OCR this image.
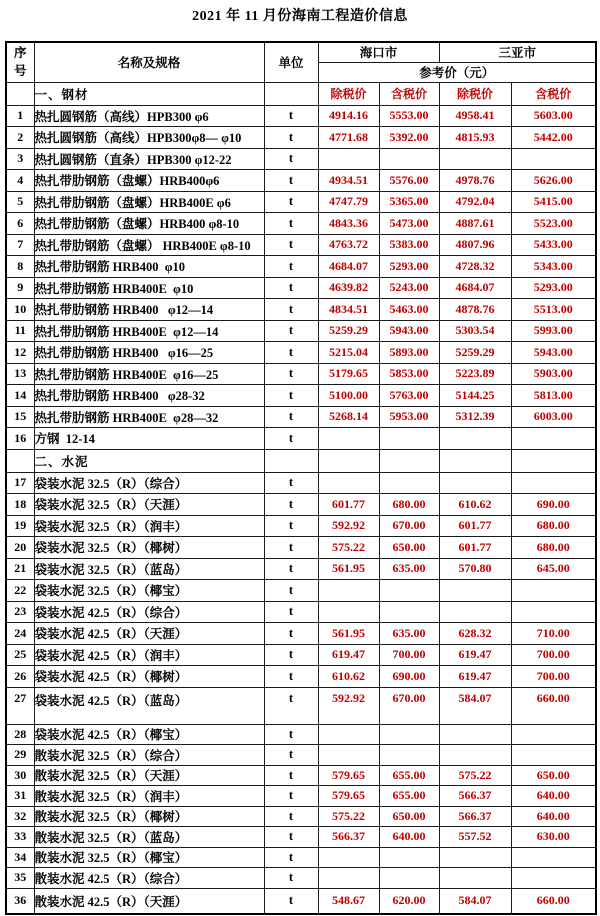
2021 年 11 月份海南工程造价信息
序
号	名称及规格	单位	海口市		三亚市	
			参考价（元）			
	一、钢材		除税价	含税价	除税价	含税价
1	热扎圆钢筋（高线）HPB300 φ6	t	4914.16	5553.00	4958.41	5603.00
2	热扎圆钢筋（高线）HPB300φ8— φ10	t	4771.68	5392.00	4815.93	5442.00
3	热扎圆钢筋（直条）HPB300 φ12-22	t				
4	热扎带肋钢筋（盘螺）HRB400φ6	t	4934.51	5576.00	4978.76	5626.00
5	热扎带肋钢筋（盘螺）HRB400E φ6	t	4747.79	5365.00	4792.04	5415.00
6	热扎带肋钢筋（盘螺）HRB400 φ8-10	t	4843.36	5473.00	4887.61	5523.00
7	热扎带肋钢筋（盘螺） HRB400E φ8-10	t	4763.72	5383.00	4807.96	5433.00
8	热扎带肋钢筋 HRB400  φ10	t	4684.07	5293.00	4728.32	5343.00
9	热扎带肋钢筋 HRB400E  φ10	t	4639.82	5243.00	4684.07	5293.00
10	热扎带肋钢筋 HRB400   φ12—14	t	4834.51	5463.00	4878.76	5513.00
11	热扎带肋钢筋 HRB400E  φ12—14	t	5259.29	5943.00	5303.54	5993.00
12	热扎带肋钢筋 HRB400   φ16—25	t	5215.04	5893.00	5259.29	5943.00
13	热扎带肋钢筋 HRB400E  φ16—25	t	5179.65	5853.00	5223.89	5903.00
14	热扎带肋钢筋 HRB400   φ28-32	t	5100.00	5763.00	5144.25	5813.00
15	热扎带肋钢筋 HRB400E  φ28—32	t	5268.14	5953.00	5312.39	6003.00
16	方钢  12-14	t				
	二、水泥					
17	袋装水泥 32.5（R）（综合）	t				
18	袋装水泥 32.5（R）（天涯）	t	601.77	680.00	610.62	690.00
19	袋装水泥 32.5（R）（润丰）	t	592.92	670.00	601.77	680.00
20	袋装水泥 32.5（R）（椰树）	t	575.22	650.00	601.77	680.00
21	袋装水泥 32.5（R）（蓝岛）	t	561.95	635.00	570.80	645.00
22	袋装水泥 32.5（R）（椰宝）	t				
23	袋装水泥 42.5（R）（综合）	t				
24	袋装水泥 42.5（R）（天涯）	t	561.95	635.00	628.32	710.00
25	袋装水泥 42.5（R）（润丰）	t	619.47	700.00	619.47	700.00
26	袋装水泥 42.5（R）（椰树）	t	610.62	690.00	619.47	700.00
27	袋装水泥 42.5（R）（蓝岛）	t	592.92	670.00	584.07	660.00
28	袋装水泥 42.5（R）（椰宝）	t				
29	散装水泥 32.5（R）（综合）	t				
30	散装水泥 32.5（R）（天涯）	t	579.65	655.00	575.22	650.00
31	散装水泥 32.5（R）（润丰）	t	579.65	655.00	566.37	640.00
32	散装水泥 32.5（R）（椰树）	t	575.22	650.00	566.37	640.00
33	散装水泥 32.5（R）（蓝岛）	t	566.37	640.00	557.52	630.00
34	散装水泥 32.5（R）（椰宝）	t				
35	散装水泥 42.5（R）（综合）	t				
36	散装水泥 42.5（R）（天涯）	t	548.67	620.00	584.07	660.00
